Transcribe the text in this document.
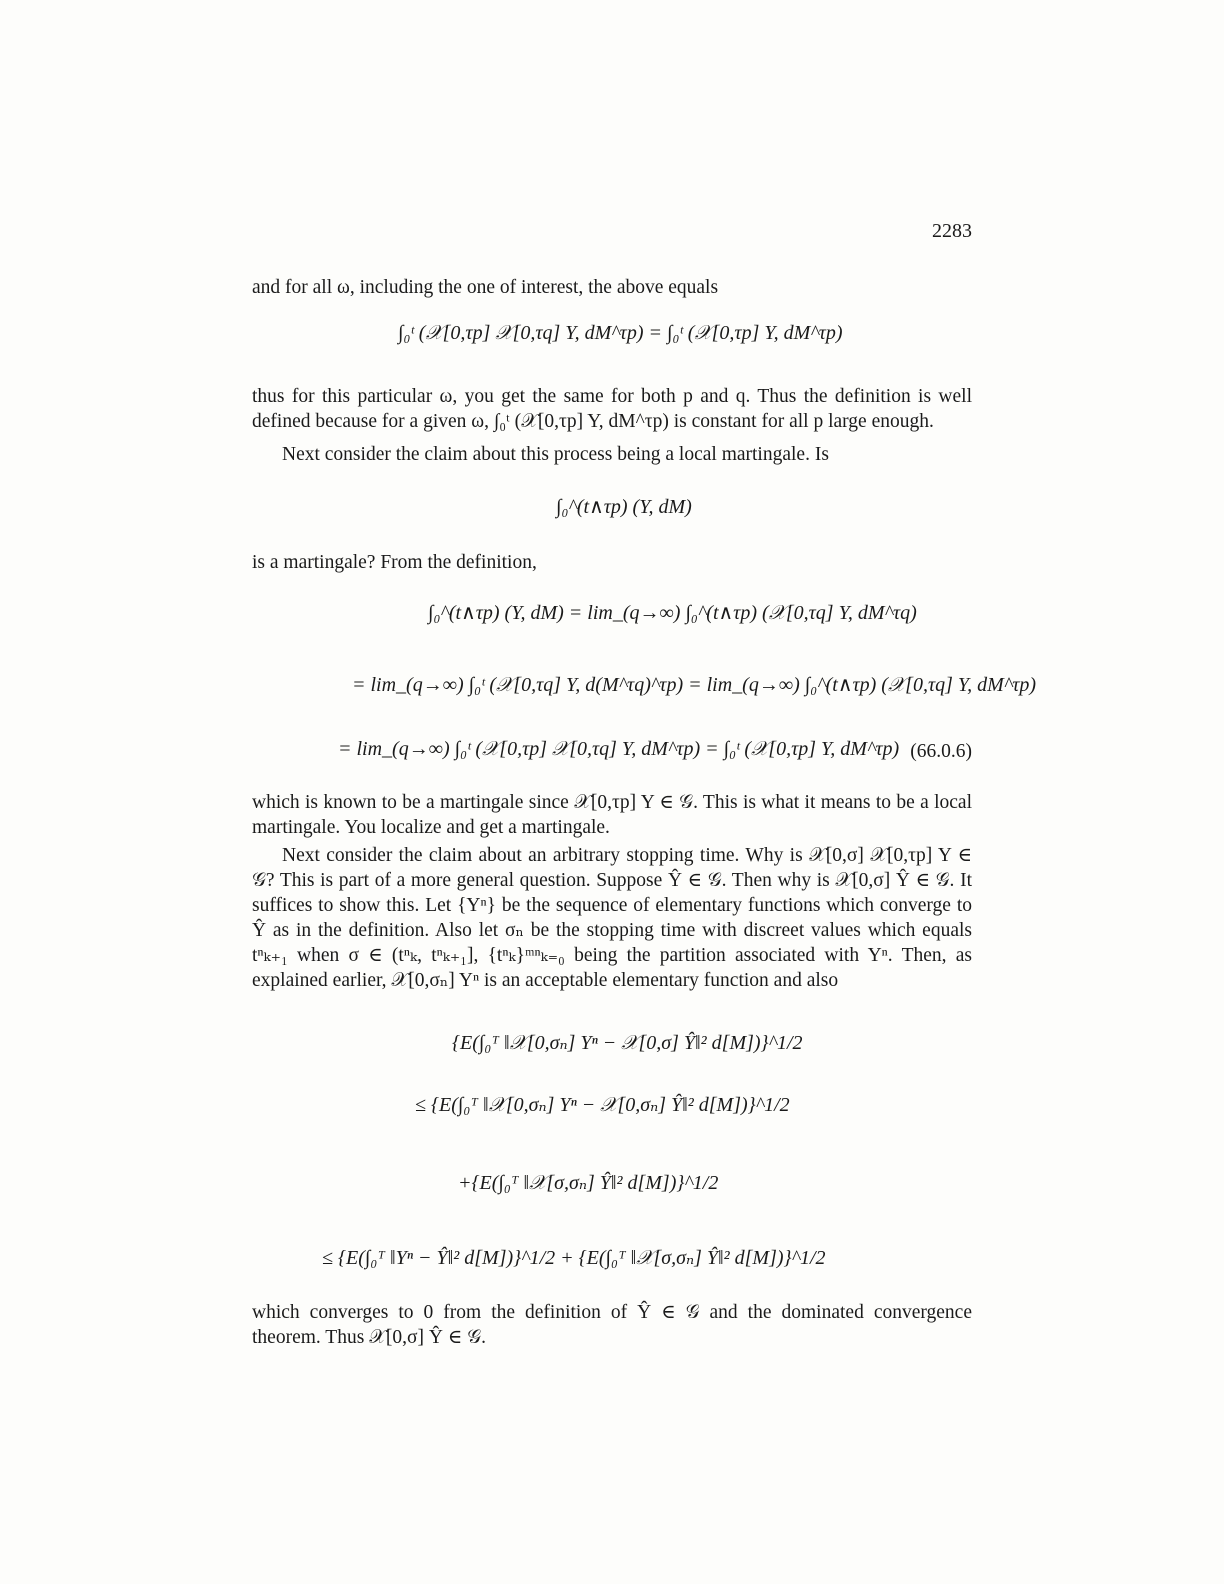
2283
and for all ω, including the one of interest, the above equals
∫₀ᵗ (𝒳[0,τp] 𝒳[0,τq] Y, dM^τp) = ∫₀ᵗ (𝒳[0,τp] Y, dM^τp)
thus for this particular ω, you get the same for both p and q. Thus the definition is well defined because for a given ω, ∫₀ᵗ (𝒳[0,τp] Y, dM^τp) is constant for all p large enough.
Next consider the claim about this process being a local martingale. Is
∫₀^(t∧τp) (Y, dM)
is a martingale? From the definition,
∫₀^(t∧τp) (Y, dM) = lim_(q→∞) ∫₀^(t∧τp) (𝒳[0,τq] Y, dM^τq)
= lim_(q→∞) ∫₀ᵗ (𝒳[0,τq] Y, d(M^τq)^τp) = lim_(q→∞) ∫₀^(t∧τp) (𝒳[0,τq] Y, dM^τp)
= lim_(q→∞) ∫₀ᵗ (𝒳[0,τp] 𝒳[0,τq] Y, dM^τp) = ∫₀ᵗ (𝒳[0,τp] Y, dM^τp) (66.0.6)
which is known to be a martingale since 𝒳[0,τp] Y ∈ 𝒢. This is what it means to be a local martingale. You localize and get a martingale.
Next consider the claim about an arbitrary stopping time. Why is 𝒳[0,σ] 𝒳[0,τp] Y ∈ 𝒢? This is part of a more general question. Suppose Ŷ ∈ 𝒢. Then why is 𝒳[0,σ] Ŷ ∈ 𝒢. It suffices to show this. Let {Yⁿ} be the sequence of elementary functions which converge to Ŷ as in the definition. Also let σₙ be the stopping time with discreet values which equals tⁿₖ₊₁ when σ ∈ (tⁿₖ, tⁿₖ₊₁], {tⁿₖ}ᵐⁿₖ₌₀ being the partition associated with Yⁿ. Then, as explained earlier, 𝒳[0,σₙ] Yⁿ is an acceptable elementary function and also
{E(∫₀ᵀ ‖𝒳[0,σₙ] Yⁿ − 𝒳[0,σ] Ŷ‖² d[M])}^1/2
≤ {E(∫₀ᵀ ‖𝒳[0,σₙ] Yⁿ − 𝒳[0,σₙ] Ŷ‖² d[M])}^1/2
+{E(∫₀ᵀ ‖𝒳[σ,σₙ] Ŷ‖² d[M])}^1/2
≤ {E(∫₀ᵀ ‖Yⁿ − Ŷ‖² d[M])}^1/2 + {E(∫₀ᵀ ‖𝒳[σ,σₙ] Ŷ‖² d[M])}^1/2
which converges to 0 from the definition of Ŷ ∈ 𝒢 and the dominated convergence theorem. Thus 𝒳[0,σ] Ŷ ∈ 𝒢.
